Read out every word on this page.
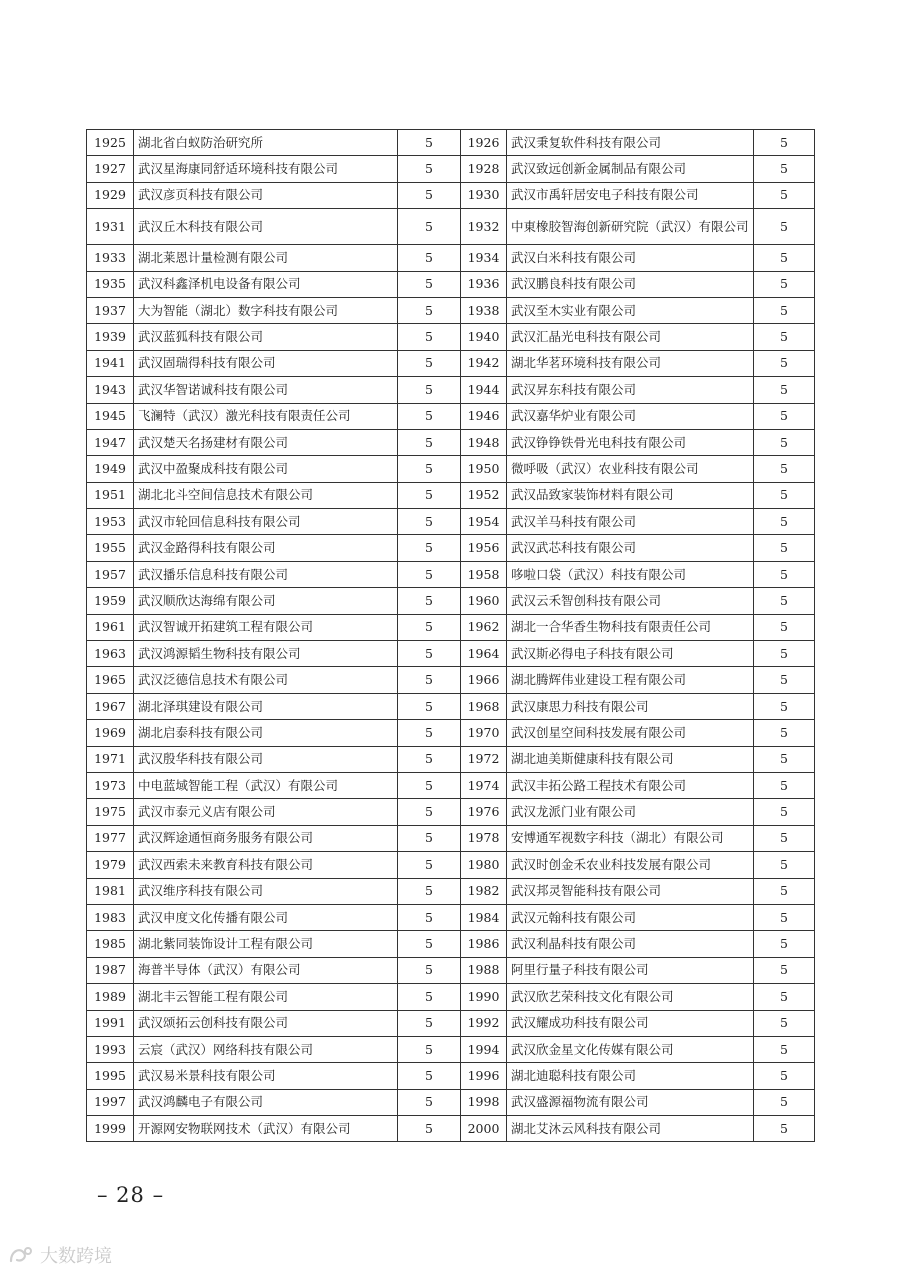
1925	湖北省白蚁防治研究所	5	1926	武汉秉复软件科技有限公司	5
1927	武汉星海康同舒适环境科技有限公司	5	1928	武汉致远创新金属制品有限公司	5
1929	武汉彦页科技有限公司	5	1930	武汉市禹轩居安电子科技有限公司	5
1931	武汉丘木科技有限公司	5	1932	中東橡胶智海创新研究院（武汉）有限公司	5
1933	湖北莱恩计量检测有限公司	5	1934	武汉白米科技有限公司	5
1935	武汉科鑫泽机电设备有限公司	5	1936	武汉鹏良科技有限公司	5
1937	大为智能（湖北）数字科技有限公司	5	1938	武汉至木实业有限公司	5
1939	武汉蓝狐科技有限公司	5	1940	武汉汇晶光电科技有限公司	5
1941	武汉固瑞得科技有限公司	5	1942	湖北华茗环境科技有限公司	5
1943	武汉华智诺诚科技有限公司	5	1944	武汉昇东科技有限公司	5
1945	飞澜特（武汉）激光科技有限责任公司	5	1946	武汉嘉华炉业有限公司	5
1947	武汉楚天名扬建材有限公司	5	1948	武汉铮铮铁骨光电科技有限公司	5
1949	武汉中盈聚成科技有限公司	5	1950	微呼吸（武汉）农业科技有限公司	5
1951	湖北北斗空间信息技术有限公司	5	1952	武汉品致家装饰材料有限公司	5
1953	武汉市轮回信息科技有限公司	5	1954	武汉羊马科技有限公司	5
1955	武汉金路得科技有限公司	5	1956	武汉武芯科技有限公司	5
1957	武汉播乐信息科技有限公司	5	1958	哆啦口袋（武汉）科技有限公司	5
1959	武汉顺欣达海绵有限公司	5	1960	武汉云禾智创科技有限公司	5
1961	武汉智诚开拓建筑工程有限公司	5	1962	湖北一合华香生物科技有限责任公司	5
1963	武汉鸿源韬生物科技有限公司	5	1964	武汉斯必得电子科技有限公司	5
1965	武汉泛德信息技术有限公司	5	1966	湖北腾辉伟业建设工程有限公司	5
1967	湖北泽琪建设有限公司	5	1968	武汉康思力科技有限公司	5
1969	湖北启泰科技有限公司	5	1970	武汉创星空间科技发展有限公司	5
1971	武汉殷华科技有限公司	5	1972	湖北迪美斯健康科技有限公司	5
1973	中电蓝域智能工程（武汉）有限公司	5	1974	武汉丰拓公路工程技术有限公司	5
1975	武汉市泰元义店有限公司	5	1976	武汉龙派门业有限公司	5
1977	武汉辉途通恒商务服务有限公司	5	1978	安博通军视数字科技（湖北）有限公司	5
1979	武汉西索未来教育科技有限公司	5	1980	武汉时创金禾农业科技发展有限公司	5
1981	武汉维序科技有限公司	5	1982	武汉邦灵智能科技有限公司	5
1983	武汉申度文化传播有限公司	5	1984	武汉元翰科技有限公司	5
1985	湖北紫同装饰设计工程有限公司	5	1986	武汉利晶科技有限公司	5
1987	海普半导体（武汉）有限公司	5	1988	阿里行量子科技有限公司	5
1989	湖北丰云智能工程有限公司	5	1990	武汉欣艺荣科技文化有限公司	5
1991	武汉颂拓云创科技有限公司	5	1992	武汉耀成功科技有限公司	5
1993	云宸（武汉）网络科技有限公司	5	1994	武汉欣金星文化传媒有限公司	5
1995	武汉易米景科技有限公司	5	1996	湖北迪聪科技有限公司	5
1997	武汉鸿麟电子有限公司	5	1998	武汉盛源福物流有限公司	5
1999	开源网安物联网技术（武汉）有限公司	5	2000	湖北艾沐云风科技有限公司	5
– 28 –
大数跨境
